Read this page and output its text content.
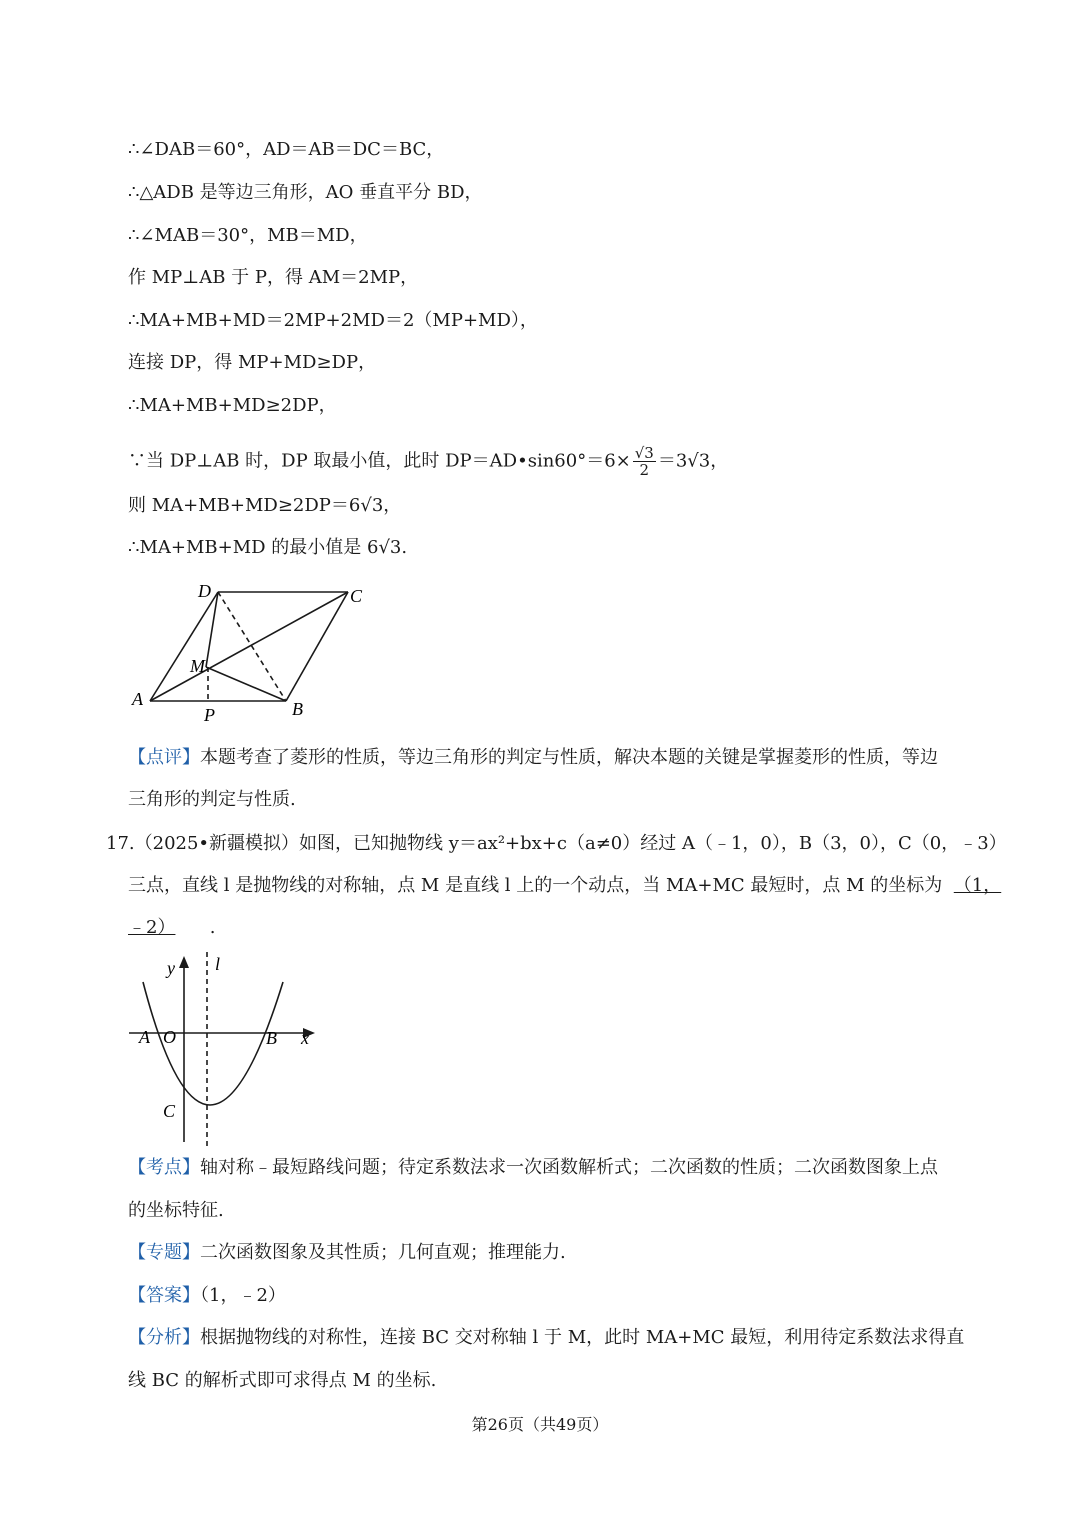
∴∠DAB＝60°，AD＝AB＝DC＝BC，
∴△ADB 是等边三角形，AO 垂直平分 BD，
∴∠MAB＝30°，MB＝MD，
作 MP⊥AB 于 P，得 AM＝2MP，
∴MA+MB+MD＝2MP+2MD＝2（MP+MD），
连接 DP，得 MP+MD≥DP，
∴MA+MB+MD≥2DP，
∵当 DP⊥AB 时，DP 取最小值，此时 DP＝AD•sin60°＝6× $\frac{√3}{2} =3√3$，
则 MA+MB+MD≥2DP＝6√3，
∴MA+MB+MD 的最小值是 6√3.
A	B
C
D
M
P
【点评】本题考查了菱形的性质，等边三角形的判定与性质，解决本题的关键是掌握菱形的性质，等边
三角形的判定与性质.
17.（2025•新疆模拟）如图，已知抛物线 y＝ax²+bx+c（a≠0）经过 A（﹣1，0），B（3，0），C（0，﹣3）
三点，直线 l 是抛物线的对称轴，点 M 是直线 l 上的一个动点，当 MA+MC 最短时，点 M 的坐标为 （1，
﹣2） .
y l
A O	B x
C
【考点】轴对称﹣最短路线问题；待定系数法求一次函数解析式；二次函数的性质；二次函数图象上点
的坐标特征.
【专题】二次函数图象及其性质；几何直观；推理能力.
【答案】（1，﹣2）
【分析】根据抛物线的对称性，连接 BC 交对称轴 l 于 M，此时 MA+MC 最短，利用待定系数法求得直
线 BC 的解析式即可求得点 M 的坐标.
第26页（共49页）
